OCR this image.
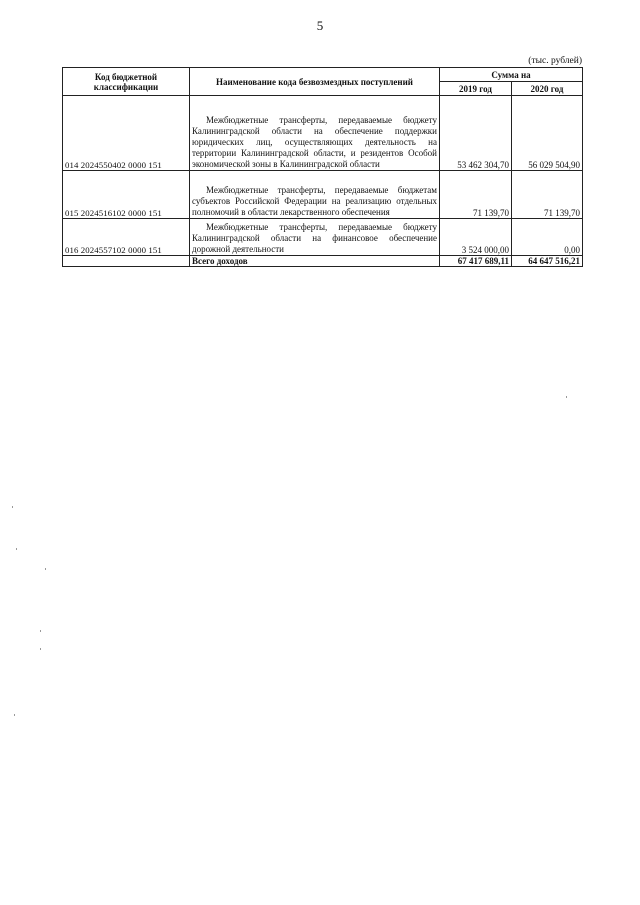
5
(тыс. рублей)
Код бюджетной классификации	Наименование кода безвозмездных поступлений	Сумма на	
		2019 год	2020 год
014 2024550402 0000 151	Межбюджетные трансферты, передаваемые бюджету Калининградской области на обеспечение поддержки юридических лиц, осуществляющих деятельность на территории Калининградской области, и резидентов Особой экономической зоны в Калининградской области	53 462 304,70	56 029 504,90
015 2024516102 0000 151	Межбюджетные трансферты, передаваемые бюджетам субъектов Российской Федерации на реализацию отдельных полномочий в области лекарственного обеспечения	71 139,70	71 139,70
016 2024557102 0000 151	Межбюджетные трансферты, передаваемые бюджету Калининградской области на финансовое обеспечение дорожной деятельности	3 524 000,00	0,00
	Всего доходов	67 417 689,11	64 647 516,21
